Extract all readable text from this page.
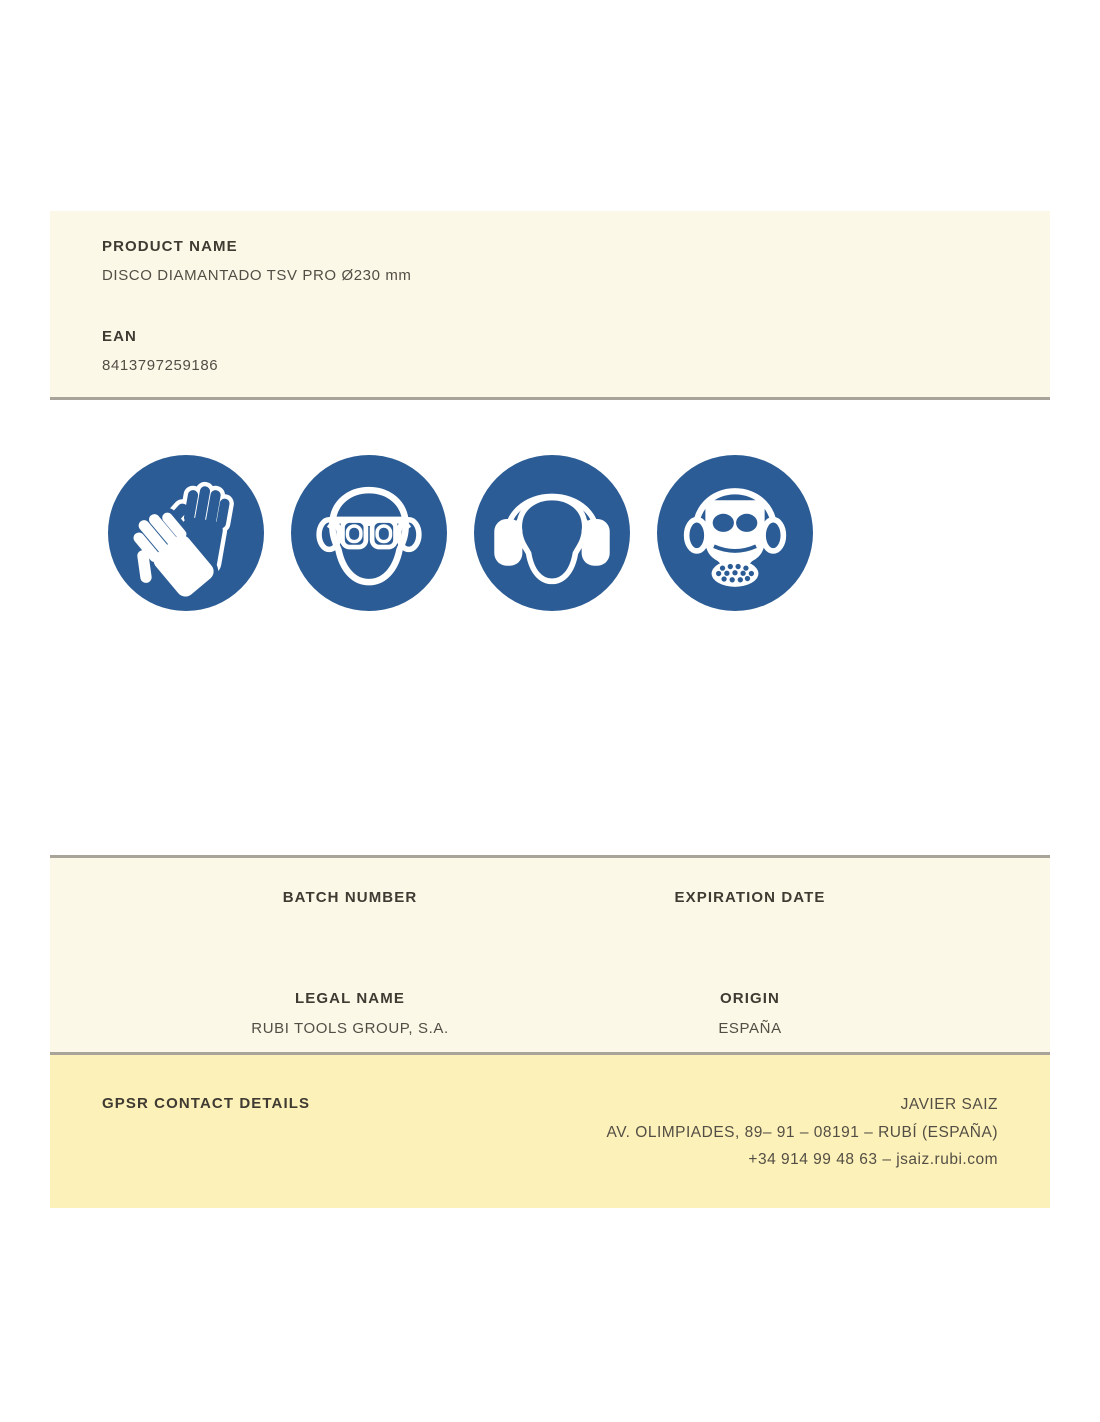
PRODUCT NAME
DISCO DIAMANTADO TSV PRO Ø230 mm
EAN
8413797259186
BATCH NUMBER	EXPIRATION DATE
LEGAL NAME
RUBI TOOLS GROUP, S.A.
ORIGIN
ESPAÑA
GPSR CONTACT DETAILS	JAVIER SAIZ
AV. OLIMPIADES, 89– 91 – 08191 – RUBÍ (ESPAÑA)
+34 914 99 48 63 – jsaiz.rubi.com
